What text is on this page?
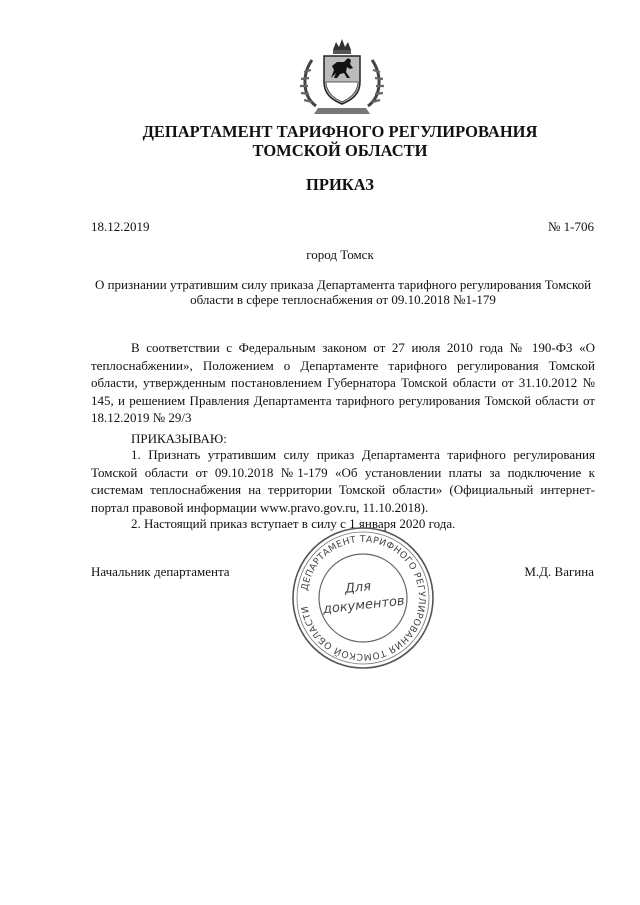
ДЕПАРТАМЕНТ ТАРИФНОГО РЕГУЛИРОВАНИЯ
ТОМСКОЙ ОБЛАСТИ
ПРИКАЗ
18.12.2019	№ 1-706
город Томск
О признании утратившим силу приказа Департамента тарифного регулирования Томской области в сфере теплоснабжения от 09.10.2018 №1-179
В соответствии с Федеральным законом от 27 июля 2010 года № 190-ФЗ «О теплоснабжении», Положением о Департаменте тарифного регулирования Томской области, утвержденным постановлением Губернатора Томской области от 31.10.2012 № 145, и решением Правления Департамента тарифного регулирования Томской области от 18.12.2019 № 29/3
ПРИКАЗЫВАЮ:
1. Признать утратившим силу приказ Департамента тарифного регулирования Томской области от 09.10.2018 №1-179 «Об установлении платы за подключение к системам теплоснабжения на территории Томской области» (Официальный интернет-портал правовой информации www.pravo.gov.ru, 11.10.2018).
2. Настоящий приказ вступает в силу с 1 января 2020 года.
Начальник департамента	М.Д. Вагина
ДЕПАРТАМЕНТ ТАРИФНОГО РЕГУЛИРОВАНИЯ ТОМСКОЙ ОБЛАСТИ
Для
документов
